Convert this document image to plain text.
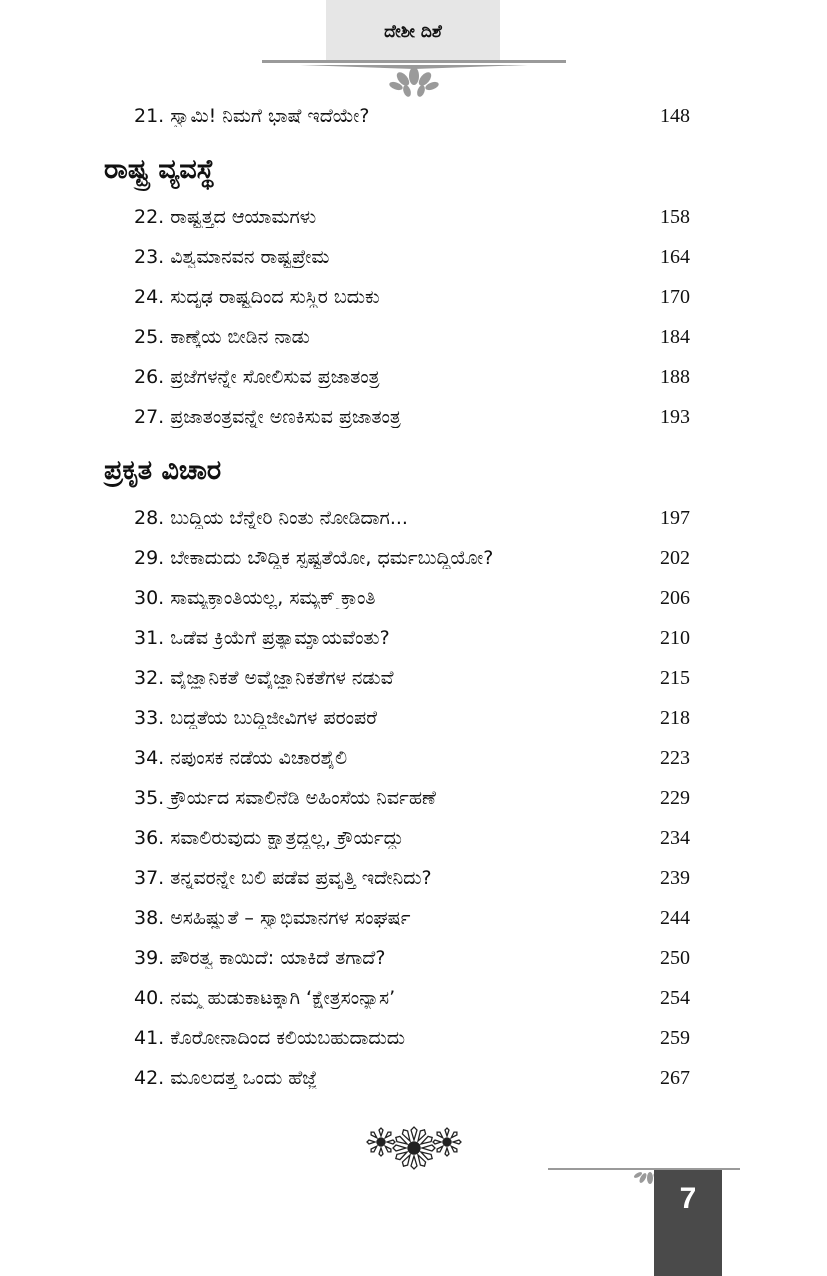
ದೇಶೀ ದಿಶೆ
21. ಸ್ವಾಮಿ! ನಿಮಗೆ ಭಾಷೆ ಇದೆಯೇ?	148
ರಾಷ್ಟ್ರ ವ್ಯವಸ್ಥೆ
22. ರಾಷ್ಟ್ರತ್ತ್ವದ ಆಯಾಮಗಳು	158
23. ವಿಶ್ವಮಾನವನ ರಾಷ್ಟ್ರಪ್ರೇಮ	164
24. ಸುದೃಢ ರಾಷ್ಟ್ರದಿಂದ ಸುಸ್ಥಿರ ಬದುಕು	170
25. ಕಾಣ್ಕೆಯ ಬೀಡಿನ ನಾಡು	184
26. ಪ್ರಜೆಗಳನ್ನೇ ಸೋಲಿಸುವ ಪ್ರಜಾತಂತ್ರ	188
27. ಪ್ರಜಾತಂತ್ರವನ್ನೇ ಅಣಕಿಸುವ ಪ್ರಜಾತಂತ್ರ	193
ಪ್ರಕೃತ ವಿಚಾರ
28. ಬುದ್ಧಿಯ ಬೆನ್ನೇರಿ ನಿಂತು ನೋಡಿದಾಗ...	197
29. ಬೇಕಾದುದು ಬೌದ್ಧಿಕ ಸ್ಪಷ್ಟತೆಯೋ, ಧರ್ಮಬುದ್ಧಿಯೋ?	202
30. ಸಾಮ್ಯಕ್ರಾಂತಿಯಲ್ಲ, ಸಮ್ಯಕ್ ಕ್ರಾಂತಿ	206
31. ಒಡೆವ ಕ್ರಿಯೆಗೆ ಪ್ರತ್ಯಾಮ್ನಾಯವೆಂತು?	210
32. ವೈಜ್ಞಾನಿಕತೆ ಅವೈಜ್ಞಾನಿಕತೆಗಳ ನಡುವೆ	215
33. ಬದ್ಧತೆಯ ಬುದ್ಧಿಜೀವಿಗಳ ಪರಂಪರೆ	218
34. ನಪುಂಸಕ ನಡೆಯ ವಿಚಾರಶೈಲಿ	223
35. ಕ್ರೌರ್ಯದ ಸವಾಲಿನೆಡಿ ಅಹಿಂಸೆಯ ನಿರ್ವಹಣೆ	229
36. ಸವಾಲಿರುವುದು ಕ್ಷಾತ್ರದ್ದಲ್ಲ, ಕ್ರೌರ್ಯದ್ದು	234
37. ತನ್ನವರನ್ನೇ ಬಲಿ ಪಡೆವ ಪ್ರವೃತ್ತಿ ಇದೇನಿದು?	239
38. ಅಸಹಿಷ್ಣುತೆ – ಸ್ವಾಭಿಮಾನಗಳ ಸಂಘರ್ಷ	244
39. ಪೌರತ್ವ ಕಾಯಿದೆ: ಯಾಕಿದೆ ತಗಾದೆ?	250
40. ನಮ್ಮ ಹುಡುಕಾಟಕ್ಕಾಗಿ ‘ಕ್ಷೇತ್ರಸಂನ್ಯಾಸ’	254
41. ಕೊರೋನಾದಿಂದ ಕಲಿಯಬಹುದಾದುದು	259
42. ಮೂಲದತ್ತ ಒಂದು ಹೆಜ್ಜೆ	267
7
